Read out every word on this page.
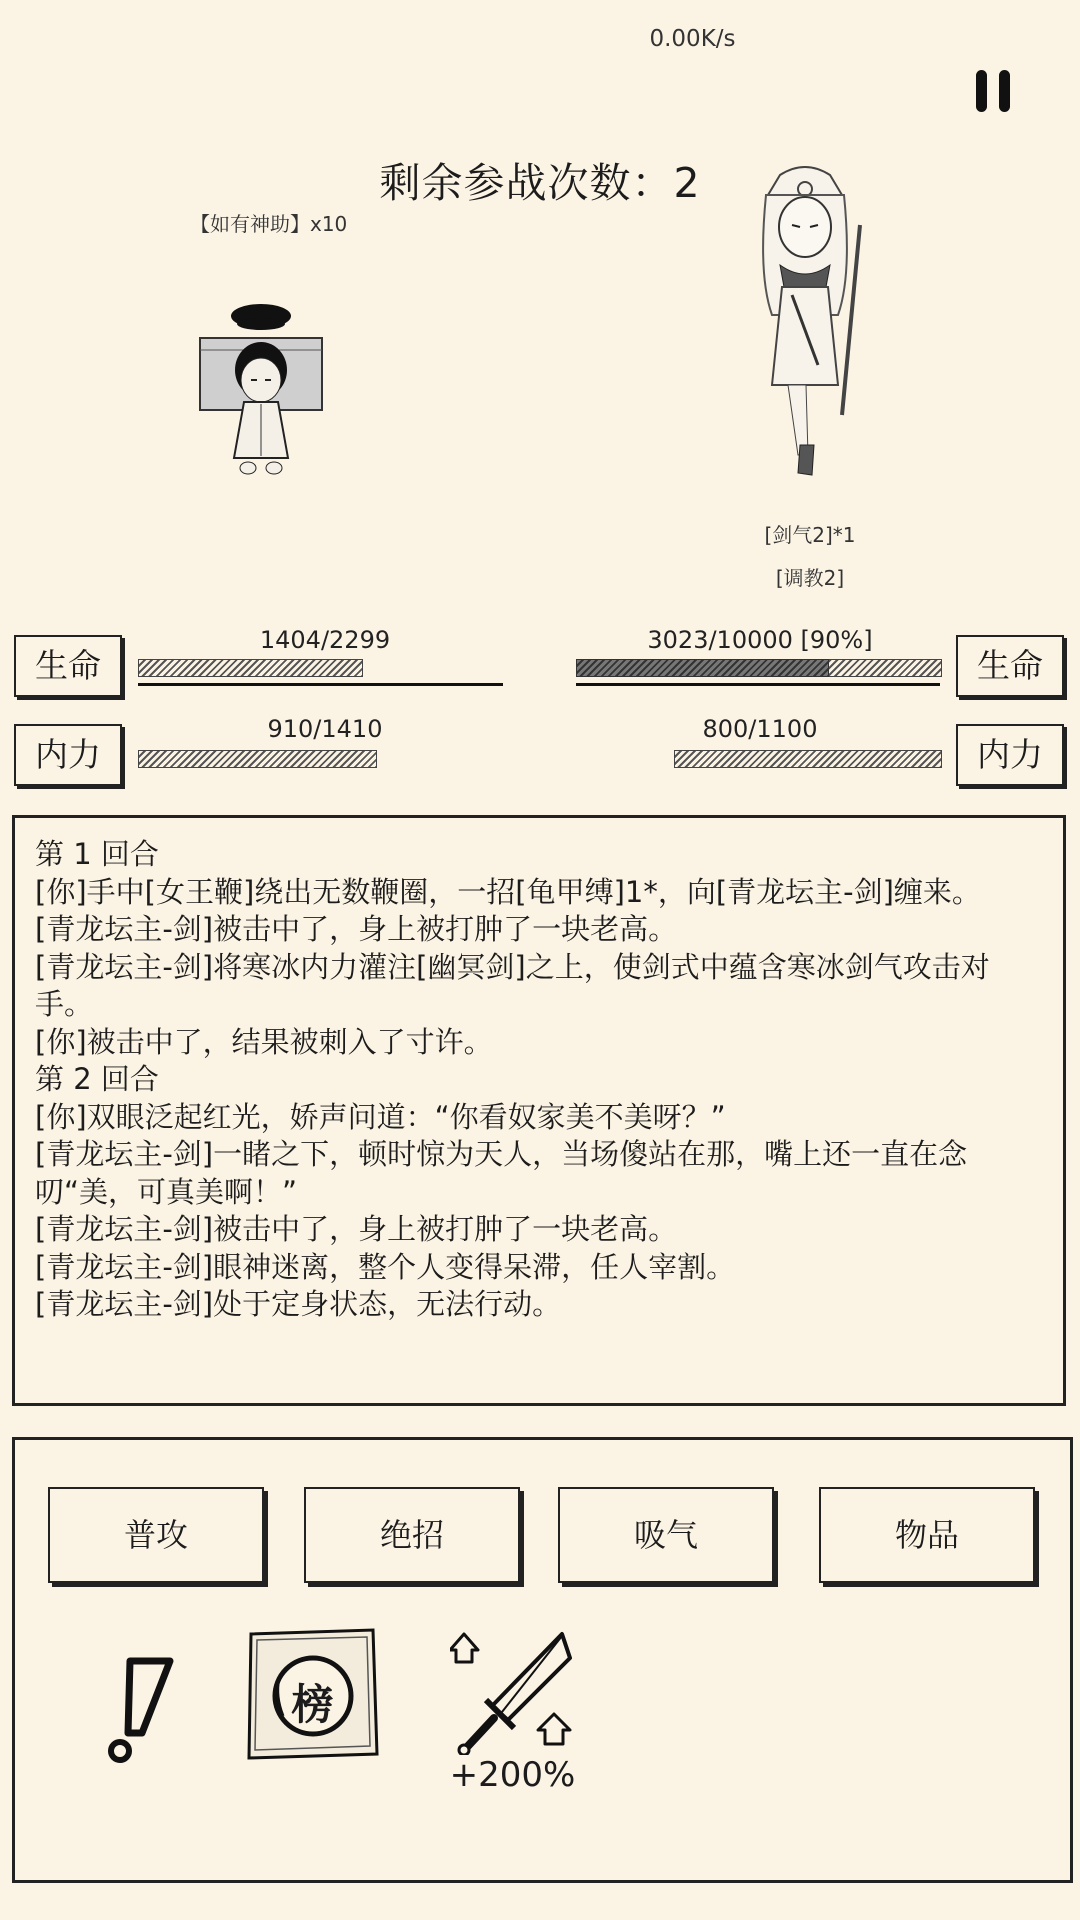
0.00K/s
剩余参战次数：2
【如有神助】x10
[剑气2]*1
[调教2]
生命
1404/2299
内力
910/1410
生命
3023/10000 [90%]
内力
800/1100
第 1 回合
[你]手中[女王鞭]绕出无数鞭圈，一招[龟甲缚]1*，向[青龙坛主-剑]缠来。
[青龙坛主-剑]被击中了，身上被打肿了一块老高。
[青龙坛主-剑]将寒冰内力灌注[幽冥剑]之上，使剑式中蕴含寒冰剑气攻击对手。
[你]被击中了，结果被刺入了寸许。
第 2 回合
[你]双眼泛起红光，娇声问道：“你看奴家美不美呀？”
[青龙坛主-剑]一睹之下，顿时惊为天人，当场傻站在那，嘴上还一直在念叨“美，可真美啊！”
[青龙坛主-剑]被击中了，身上被打肿了一块老高。
[青龙坛主-剑]眼神迷离，整个人变得呆滞，任人宰割。
[青龙坛主-剑]处于定身状态，无法行动。
普攻	绝招	吸气	物品
榜
+200%
